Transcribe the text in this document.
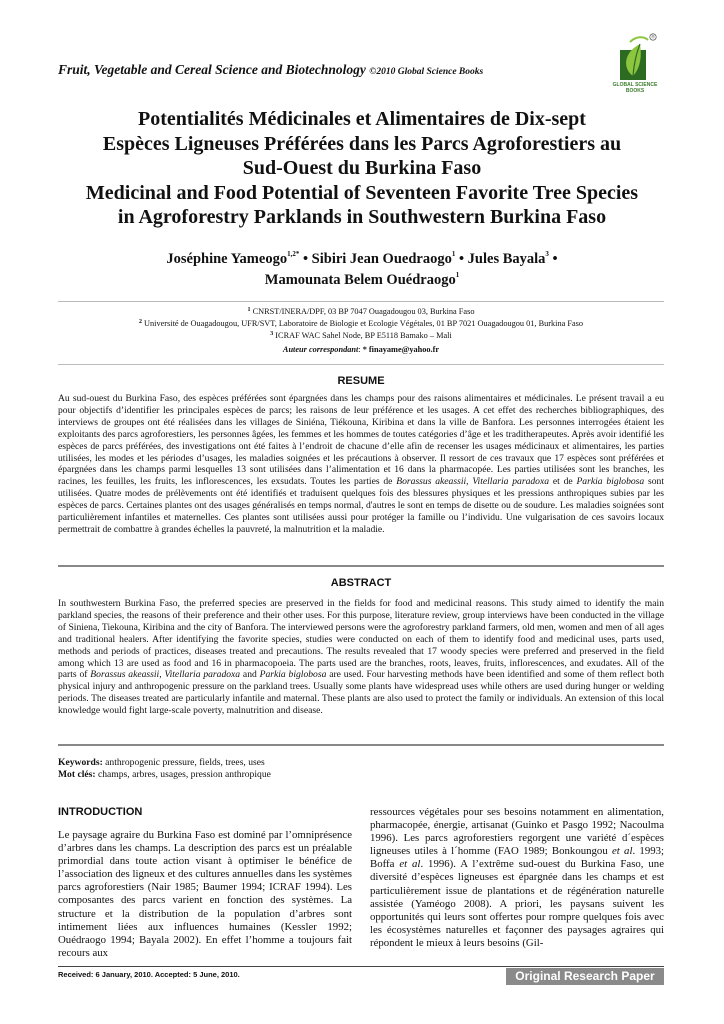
Fruit, Vegetable and Cereal Science and Biotechnology ©2010 Global Science Books
®
GLOBAL SCIENCE
BOOKS
Potentialités Médicinales et Alimentaires de Dix-sept
Espèces Ligneuses Préférées dans les Parcs Agroforestiers au
Sud-Ouest du Burkina Faso
Medicinal and Food Potential of Seventeen Favorite Tree Species
in Agroforestry Parklands in Southwestern Burkina Faso
Joséphine Yameogo$^{1,2*}$ • Sibiri Jean Ouedraogo$^1$ • Jules Bayala$^3$ •
Mamounata Belem Ouédraogo$^1$
$^1$ CNRST/INERA/DPF, 03 BP 7047 Ouagadougou 03, Burkina Faso
$^2$ Université de Ouagadougou, UFR/SVT, Laboratoire de Biologie et Ecologie Végétales, 01 BP 7021 Ouagadougou 01, Burkina Faso
$^3$ ICRAF WAC Sahel Node, BP E5118 Bamako – Mali
Auteur correspondant: * finayame@yahoo.fr
RESUME
Au sud-ouest du Burkina Faso, des espèces préférées sont épargnées dans les champs pour des raisons alimentaires et médicinales. Le présent travail a eu pour objectifs d’identifier les principales espèces de parcs; les raisons de leur préférence et les usages. A cet effet des recherches bibliographiques, des interviews de groupes ont été réalisées dans les villages de Siniéna, Tiékouna, Kiribina et dans la ville de Banfora. Les personnes interrogées étaient les exploitants des parcs agroforestiers, les personnes âgées, les femmes et les hommes de toutes catégories d’âge et les tradithеrapeutes. Après avoir identifié les espèces de parcs préférées, des investigations ont été faites à l’endroit de chacune d’elle afin de recenser les usages médicinaux et alimentaires, les parties utilisées, les modes et les périodes d’usages, les maladies soignées et les précautions à observer. Il ressort de ces travaux que 17 espèces sont préférées et épargnées dans les champs parmi lesquelles 13 sont utilisées dans l’alimentation et 16 dans la pharmacopée. Les parties utilisées sont les branches, les racines, les feuilles, les fruits, les inflorescences, les exsudats. Toutes les parties de Borassus akeassii, Vitellaria paradoxa et de Parkia biglobosa sont utilisées. Quatre modes de prélèvements ont été identifiés et traduisent quelques fois des blessures physiques et les pressions anthropiques subies par les espèces de parcs. Certaines plantes ont des usages généralisés en temps normal, d'autres le sont en temps de disette ou de soudure. Les maladies soignées sont particulièrement infantiles et maternelles. Ces plantes sont utilisées aussi pour protéger la famille ou l’individu. Une vulgarisation de ces savoirs locaux permettrait de combattre à grandes échelles la pauvreté, la malnutrition et la maladie.
ABSTRACT
In southwestern Burkina Faso, the preferred species are preserved in the fields for food and medicinal reasons. This study aimed to identify the main parkland species, the reasons of their preference and their other uses. For this purpose, literature review, group interviews have been conducted in the village of Siniena, Tiekouna, Kiribina and the city of Banfora. The interviewed persons were the agroforestry parkland farmers, old men, women and men of all ages and traditional healers. After identifying the favorite species, studies were conducted on each of them to identify food and medicinal uses, parts used, methods and periods of practices, diseases treated and precautions. The results revealed that 17 woody species were preferred and preserved in the field among which 13 are used as food and 16 in pharmacopoeia. The parts used are the branches, roots, leaves, fruits, inflorescences, and exudates. All of the parts of Borassus akeassii, Vitellaria paradoxa and Parkia biglobosa are used. Four harvesting methods have been identified and some of them reflect both physical injury and anthropogenic pressure on the parkland trees. Usually some plants have widespread uses while others are used during hunger or welding periods. The diseases treated are particularly infantile and maternal. These plants are also used to protect the family or individuals. An extension of this local knowledge would fight large-scale poverty, malnutrition and disease.
Keywords: anthropogenic pressure, fields, trees, uses
Mot clés: champs, arbres, usages, pression anthropique
INTRODUCTION
Le paysage agraire du Burkina Faso est dominé par l’omniprésence d’arbres dans les champs. La description des parcs est un préalable primordial dans toute action visant à optimiser le bénéfice de l’association des ligneux et des cultures annuelles dans les systèmes parcs agroforestiers (Nair 1985; Baumer 1994; ICRAF 1994). Les composantes des parcs varient en fonction des systèmes. La structure et la distribution de la population d’arbres sont intimement liées aux influences humaines (Kessler 1992; Ouédraogo 1994; Bayala 2002). En effet l’homme a toujours fait recours aux
ressources végétales pour ses besoins notamment en alimentation, pharmacopée, énergie, artisanat (Guinko et Pasgo 1992; Nacoulma 1996). Les parcs agroforestiers regorgent une variété d´espèces ligneuses utiles à l´homme (FAO 1989; Bonkoungou et al. 1993; Boffa et al. 1996). A l’extrême sud-ouest du Burkina Faso, une diversité d’espèces ligneuses est épargnée dans les champs et est particulièrement issue de plantations et de régénération naturelle assistée (Yaméogo 2008). A priori, les paysans suivent les opportunités qui leurs sont offertes pour rompre quelques fois avec les écosystèmes naturelles et façonner des paysages agraires qui répondent le mieux à leurs besoins (Gil-
Received: 6 January, 2010. Accepted: 5 June, 2010.	Original Research Paper
